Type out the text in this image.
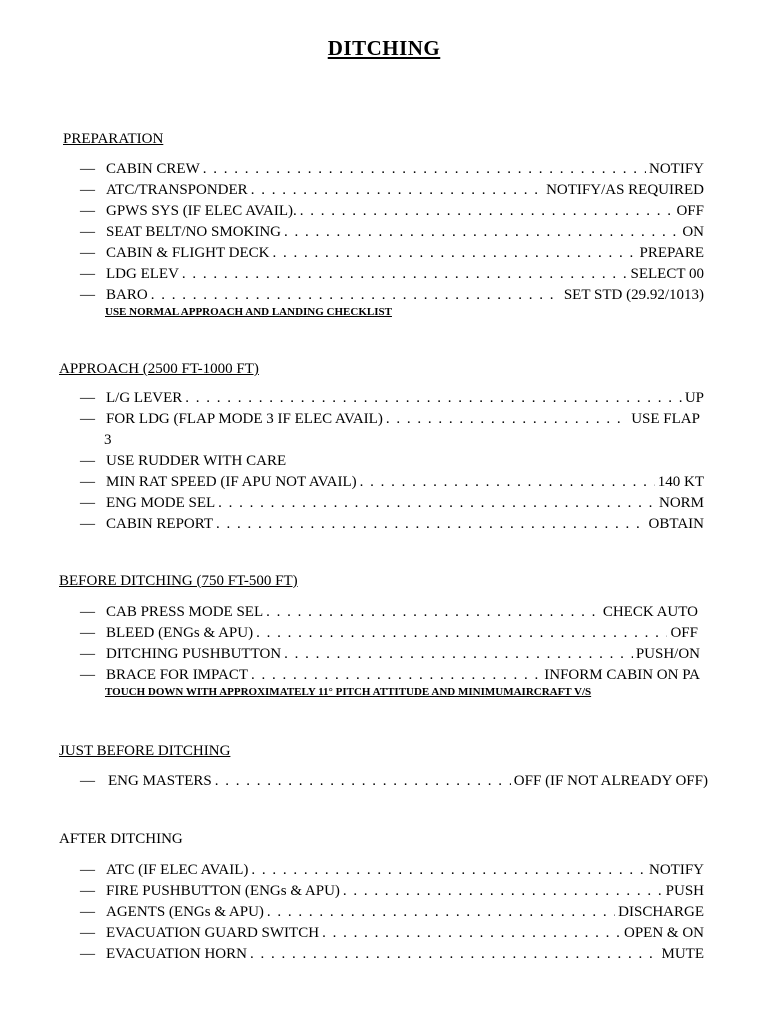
DITCHING
PREPARATION
— CABIN CREW . . .	NOTIFY
— ATC/TRANSPONDER . . .	NOTIFY/AS REQUIRED
— GPWS SYS (IF ELEC AVAIL). . . .	OFF
— SEAT BELT/NO SMOKING . . .	ON
— CABIN & FLIGHT DECK . . .	PREPARE
— LDG ELEV . . .	SELECT 00
— BARO . . .	SET STD (29.92/1013)
USE NORMAL APPROACH AND LANDING CHECKLIST
APPROACH (2500 FT-1000 FT)
— L/G LEVER . . .	UP
— FOR LDG (FLAP MODE 3 IF ELEC AVAIL) . . .	USE FLAP
3
— USE RUDDER WITH CARE
— MIN RAT SPEED (IF APU NOT AVAIL) . . .	140 KT
— ENG MODE SEL . . .	NORM
— CABIN REPORT . . .	OBTAIN
BEFORE DITCHING (750 FT-500 FT)
— CAB PRESS MODE SEL . . .	CHECK AUTO
— BLEED (ENGs & APU) . . .	OFF
— DITCHING PUSHBUTTON . . .	PUSH/ON
— BRACE FOR IMPACT . . .	INFORM CABIN ON PA
TOUCH DOWN WITH APPROXIMATELY 11° PITCH ATTITUDE AND MINIMUMAIRCRAFT V/S
JUST BEFORE DITCHING
— ENG MASTERS . . .	OFF (IF NOT ALREADY OFF)
AFTER DITCHING
— ATC (IF ELEC AVAIL) . . .	NOTIFY
— FIRE PUSHBUTTON (ENGs & APU) . . .	PUSH
— AGENTS (ENGs & APU) . . .	DISCHARGE
— EVACUATION GUARD SWITCH . . .	OPEN & ON
— EVACUATION HORN . . .	MUTE
